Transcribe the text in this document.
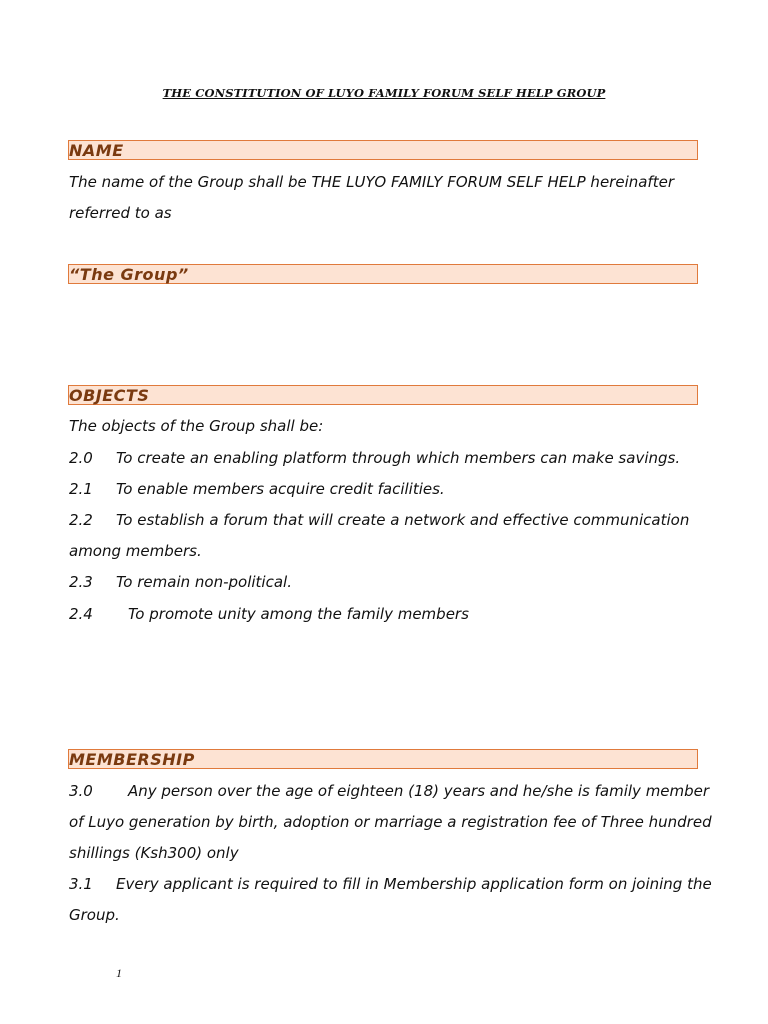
THE CONSTITUTION OF LUYO FAMILY FORUM SELF HELP GROUP
NAME
The name of the Group shall be THE LUYO FAMILY FORUM SELF HELP hereinafter
referred to as
“The Group”
OBJECTS
The objects of the Group shall be:
2.0 To create an enabling platform through which members can make savings.
2.1 To enable members acquire credit facilities.
2.2 To establish a forum that will create a network and effective communication
among members.
2.3 To remain non-political.
2.4 To promote unity among the family members
MEMBERSHIP
3.0 Any person over the age of eighteen (18) years and he/she is family member
of Luyo generation by birth, adoption or marriage a registration fee of Three hundred
shillings (Ksh300) only
3.1 Every applicant is required to fill in Membership application form on joining the
Group.
1
